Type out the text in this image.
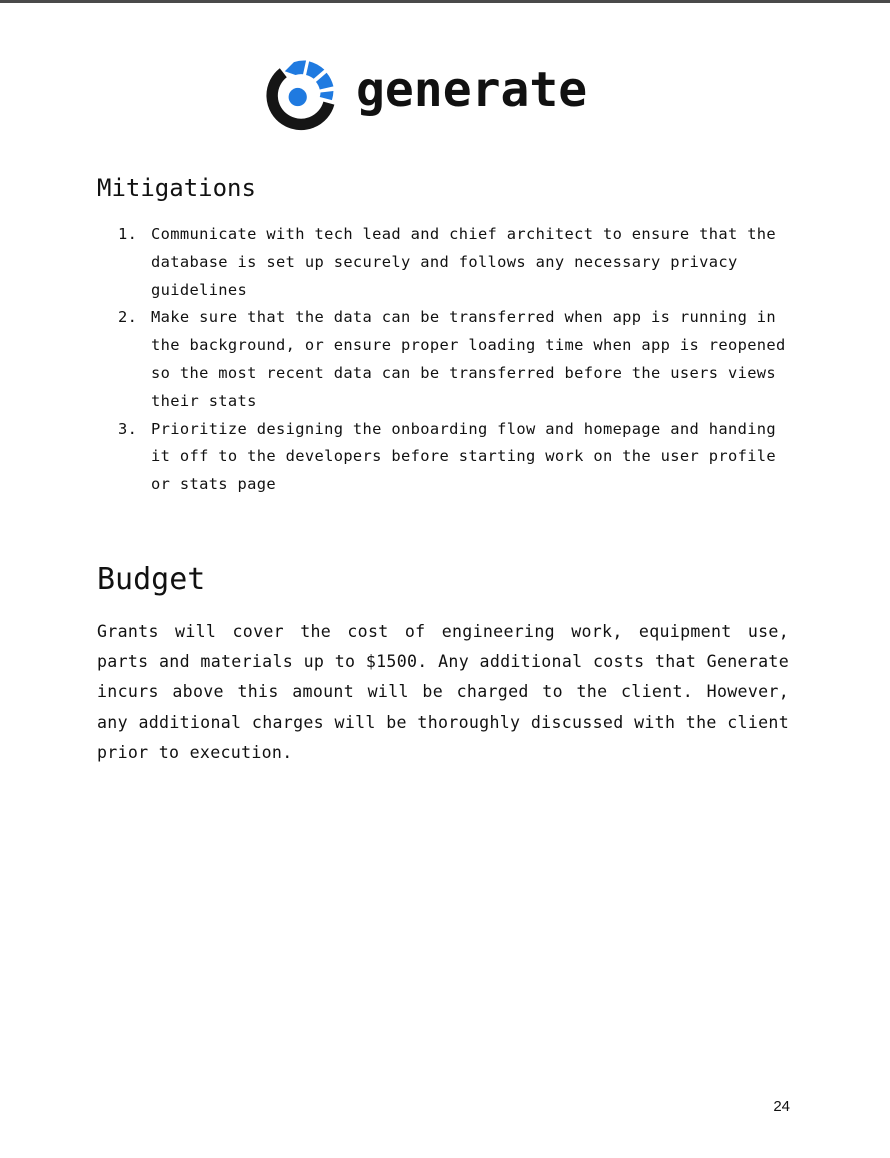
generate
Mitigations
1. Communicate with tech lead and chief architect to ensure that the database is set up securely and follows any necessary privacy guidelines
2. Make sure that the data can be transferred when app is running in the background, or ensure proper loading time when app is reopened so the most recent data can be transferred before the users views their stats
3. Prioritize designing the onboarding flow and homepage and handing it off to the developers before starting work on the user profile or stats page
Budget

Grants will cover the cost of engineering work, equipment use, parts and materials up to $1500. Any additional costs that Generate incurs above this amount will be charged to the client. However, any additional charges will be thoroughly discussed with the client prior to execution.

24
